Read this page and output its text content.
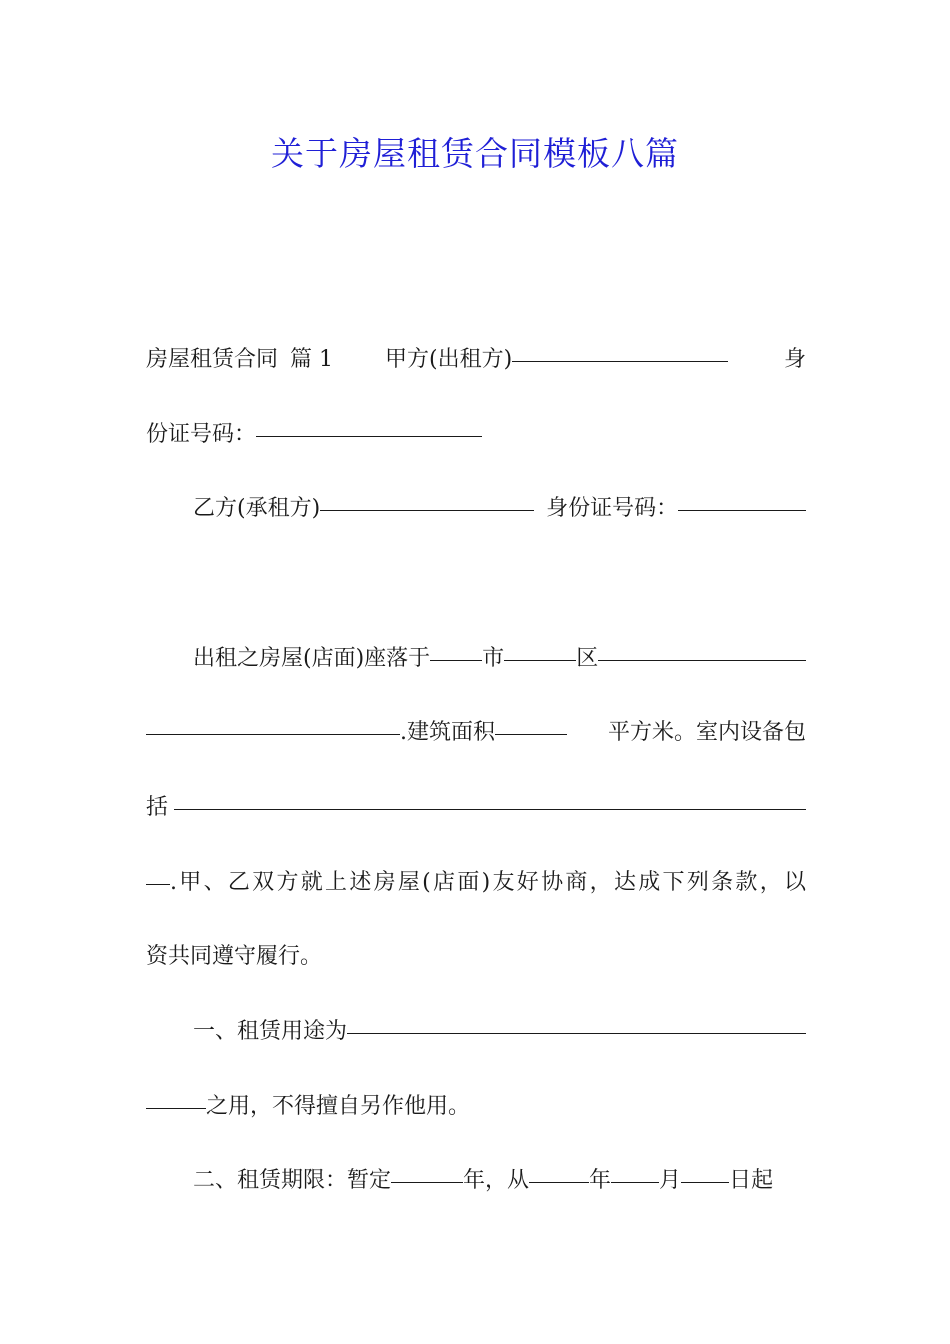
关于房屋租赁合同模板八篇
房屋租赁合同 篇 1 甲方(出租方)	身
份证号码：
乙方(承租方)	身份证号码：
出租之房屋(店面)座落于 市	区
.建筑面积	平方米。室内设备包
括
.甲、乙双方就上述房屋(店面)友好协商，达成下列条款，以
资共同遵守履行。
一、租赁用途为
之用，不得擅自另作他用。
二、租赁期限：暂定	年，从	年 月 日起
